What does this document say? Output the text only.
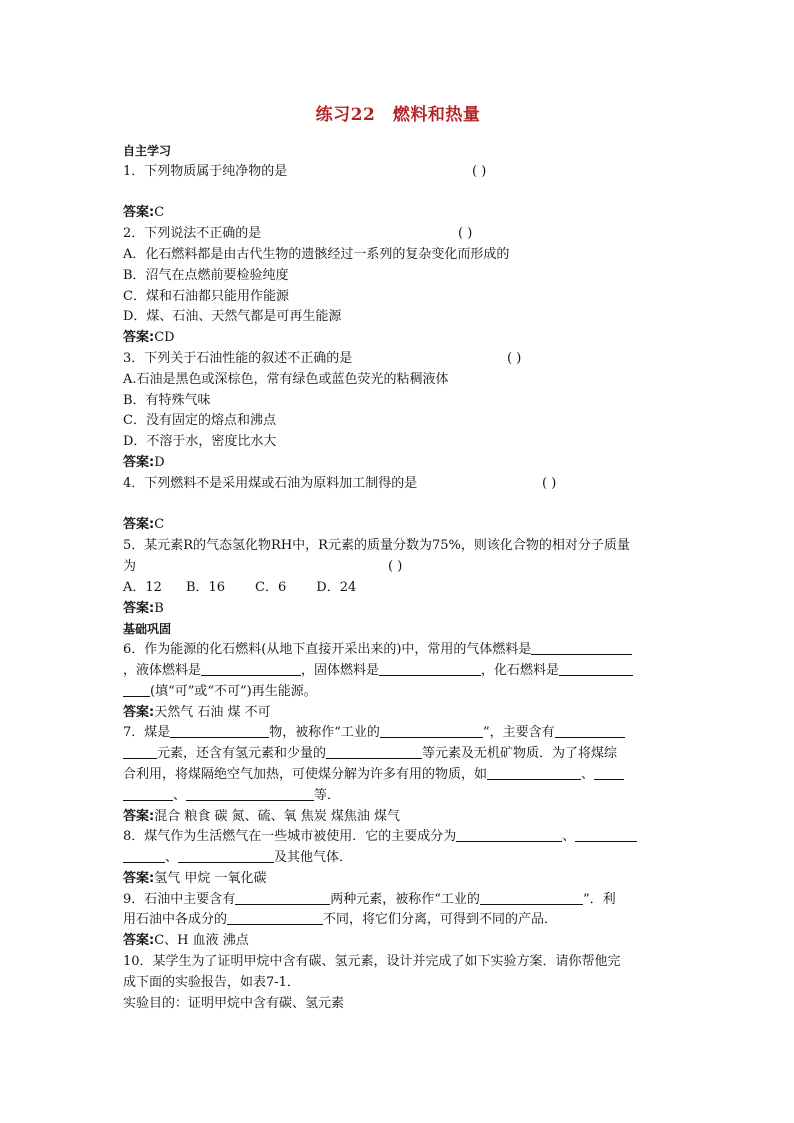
练习22　燃料和热量
自主学习
1．下列物质属于纯净物的是	( )
答案:C
2．下列说法不正确的是	( )
A．化石燃料都是由古代生物的遗骸经过一系列的复杂变化而形成的
B．沼气在点燃前要检验纯度
C．煤和石油都只能用作能源
D．煤、石油、天然气都是可再生能源
答案:CD
3．下列关于石油性能的叙述不正确的是	( )
A.石油是黑色或深棕色，常有绿色或蓝色荧光的粘稠液体
B．有特殊气味
C．没有固定的熔点和沸点
D．不溶于水，密度比水大
答案:D
4．下列燃料不是采用煤或石油为原料加工制得的是	( )
答案:C
5．某元素R的气态氢化物RH中，R元素的质量分数为75%，则该化合物的相对分子质量
为	( )
A．12 B．16 C．6 D．24
答案:B
基础巩固
6．作为能源的化石燃料(从地下直接开采出来的)中，常用的气体燃料是
，液体燃料是	，固体燃料是	，化石燃料是
(填“可”或“不可”)再生能源。
答案:天然气 石油 煤 不可
7．煤是	物，被称作“工业的	”，主要含有
元素，还含有氢元素和少量的	等元素及无机矿物质．为了将煤综
合利用，将煤隔绝空气加热，可使煤分解为许多有用的物质，如	、
、	等．
答案:混合 粮食 碳 氮、硫、氧 焦炭 煤焦油 煤气
8．煤气作为生活燃气在一些城市被使用．它的主要成分为	、
、	及其他气体．
答案:氢气 甲烷 一氧化碳
9．石油中主要含有	两种元素，被称作“工业的	”．利
用石油中各成分的	不同，将它们分离，可得到不同的产品．
答案:C、H 血液 沸点
10．某学生为了证明甲烷中含有碳、氢元素，设计并完成了如下实验方案．请你帮他完
成下面的实验报告，如表7-1．
实验目的：证明甲烷中含有碳、氢元素
